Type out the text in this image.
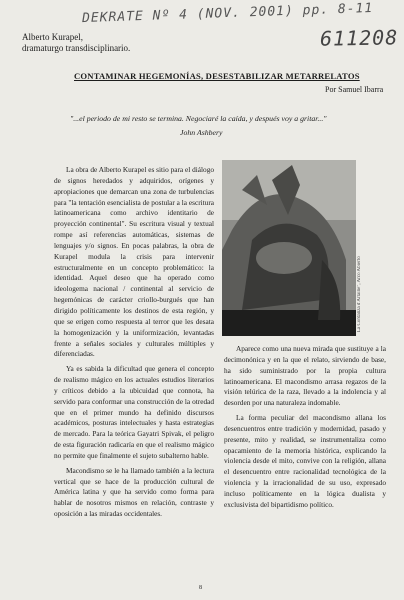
DEKRATE Nº 4 (NOV. 2001) pp. 8-11
611208
Alberto Kurapel,
dramaturgo transdisciplinario.
CONTAMINAR HEGEMONÍAS, DESESTABILIZAR METARRELATOS
Por Samuel Ibarra
"...el periodo de mi resto se termina. Negociaré la caída, y después voy a gritar..."
John Ashbery

La obra de Alberto Kurapel es sitio para el diálogo de signos heredados y adquiridos, orígenes y apropiaciones que demarcan una zona de turbulencias para "la tentación esencialista de postular a la escritura latinoamericana como archivo identitario de proyección continental". Su escritura visual y textual rompe así referencias automáticas, sistemas de lenguajes y/o signos. En pocas palabras, la obra de Kurapel modula la crisis para intervenir estructuralmente en un concepto problemático: la identidad. Aquel deseo que ha operado como ideologema nacional / continental al servicio de hegemónicas de carácter criollo-burgués que han dirigido políticamente los destinos de esta región, y que se erigen como respuesta al terror que les desata la homogenización y la uniformización, levantadas frente a señales sociales y culturales múltiples y diferenciadas.

Ya es sabida la dificultad que genera el concepto de realismo mágico en los actuales estudios literarios y críticos debido a la ubicuidad que connota, ha servido para conformar una construcción de la otredad que en el primer mundo ha definido discursos académicos, posturas intelectuales y hasta estrategias de mercado. Para la teórica Gayatri Spivak, el peligro de esta figuración radicaría en que el realismo mágico no permite que finalmente el sujeto subalterno hable.

Macondismo se le ha llamado también a la lectura vertical que se hace de la producción cultural de América latina y que ha servido como forma para hablar de nosotros mismos en relación, contraste y oposición a las miradas occidentales.

La Cordanza d'Arlaine", Arco Abierto

Aparece como una nueva mirada que sustituye a la decimonónica y en la que el relato, sirviendo de base, ha sido suministrado por la propia cultura latinoamericana. El macondismo arrasa regazos de la visión telúrica de la raza, llevado a la indolencia y al desorden por una naturaleza indomable.

La forma peculiar del macondismo allana los desencuentros entre tradición y modernidad, pasado y presente, mito y realidad, se instrumentaliza como opacamiento de la memoria histórica, explicando la violencia desde el mito, convive con la religión, allana el desencuentro entre racionalidad tecnológica de la violencia y la irracionalidad de su uso, expresado incluso políticamente en la lógica dualista y exclusivista del bipartidismo político.

8
